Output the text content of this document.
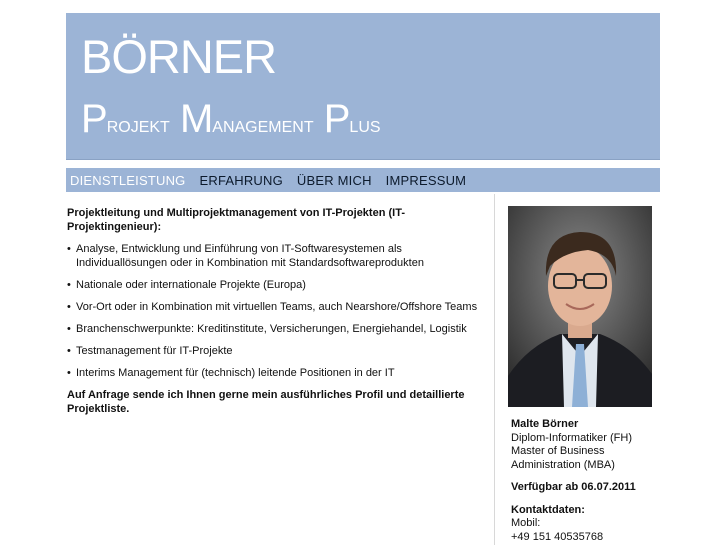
BÖRNER
PROJEKT MANAGEMENT PLUS
DIENSTLEISTUNG ERFAHRUNG ÜBER MICH IMPRESSUM

Projektleitung und Multiprojektmanagement von IT-Projekten (IT-Projektingenieur):

• Analyse, Entwicklung und Einführung von IT-Softwaresystemen als Individuallösungen oder in Kombination mit Standardsoftwareprodukten
• Nationale oder internationale Projekte (Europa)
• Vor-Ort oder in Kombination mit virtuellen Teams, auch Nearshore/Offshore Teams
• Branchenschwerpunkte: Kreditinstitute, Versicherungen, Energiehandel, Logistik
• Testmanagement für IT-Projekte
• Interims Management für (technisch) leitende Positionen in der IT

Auf Anfrage sende ich Ihnen gerne mein ausführliches Profil und detaillierte Projektliste.

Malte Börner
Diplom-Informatiker (FH)
Master of Business Administration (MBA)

Verfügbar ab 06.07.2011

Kontaktdaten:
Mobil:
+49 151 40535768
